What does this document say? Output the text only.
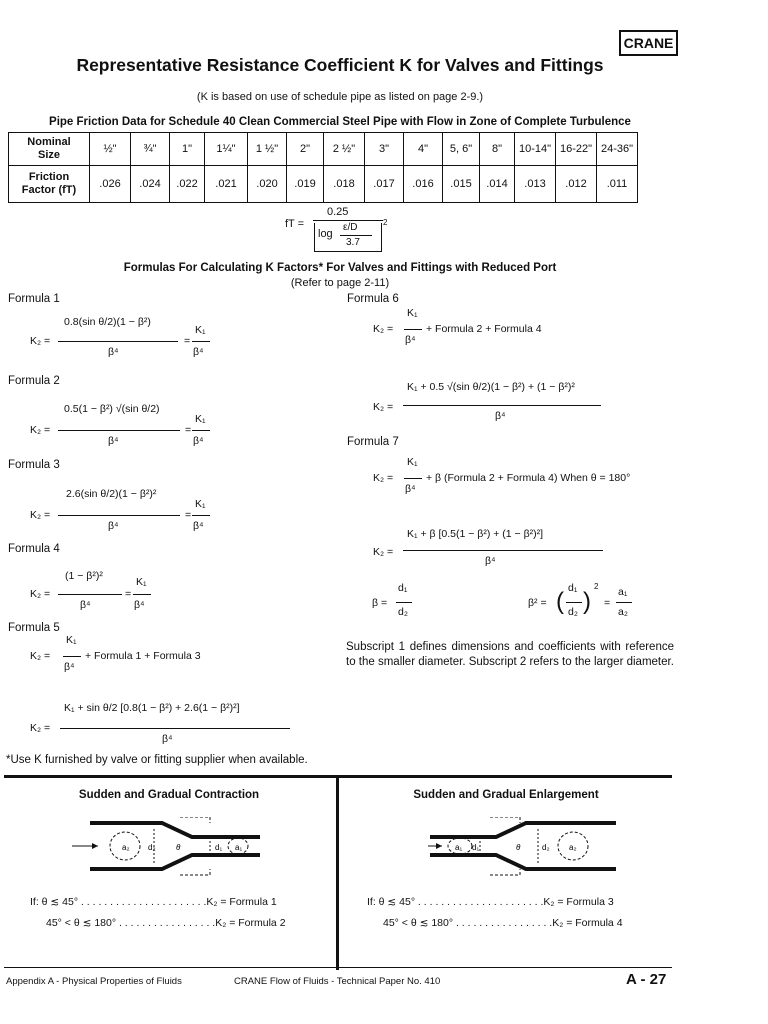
CRANE
Representative Resistance Coefficient K for Valves and Fittings
(K is based on use of schedule pipe as listed on page 2-9.)
Pipe Friction Data for Schedule 40 Clean Commercial Steel Pipe with Flow in Zone of Complete Turbulence
Nominal
Size	½"	¾"	1"	1¼"	1 ½"	2"	2 ½"	3"	4"	5, 6"	8"	10-14"	16-22"	24-36"
Friction
Factor (fT)	.026	.024	.022	.021	.020	.019	.018	.017	.016	.015	.014	.013	.012	.011
fT =
0.25
log
ε/D
3.7
2
Formulas For Calculating K Factors* For Valves and Fittings with Reduced Port
(Refer to page 2-11)
Formula 1
0.8(sin θ/2)(1 − β²)
K₂ =
β⁴
=
K₁
β⁴
Formula 2
0.5(1 − β²) √(sin θ/2)
K₂ =
β⁴
=
K₁
β⁴
Formula 3
2.6(sin θ/2)(1 − β²)²
K₂ =
β⁴
=
K₁
β⁴
Formula 4
(1 − β²)²
K₂ =
β⁴
=
K₁
β⁴
Formula 5
K₁
K₂ =
β⁴
+ Formula 1 + Formula 3
K₁ + sin θ/2 [0.8(1 − β²) + 2.6(1 − β²)²]
K₂ =
β⁴
Formula 6
K₁
K₂ =
β⁴
+ Formula 2 + Formula 4
K₁ + 0.5 √(sin θ/2)(1 − β²) + (1 − β²)²
K₂ =
β⁴
Formula 7
K₁
K₂ =
β⁴
+ β (Formula 2 + Formula 4) When θ = 180°
K₁ + β [0.5(1 − β²) + (1 − β²)²]
K₂ =
β⁴
β =
d₁
d₂
β² = ( d₁
d₂ )
2
=
a₁
a₂
Subscript 1 defines dimensions and coefficients with reference to the smaller diameter. Subscript 2 refers to the larger diameter.
*Use K furnished by valve or fitting supplier when available.
Sudden and Gradual Contraction
a₂ d₂	θ	d₁ a₁
If: θ ≲ 45° . . . . . . . . . . . . . . . . . . . . . .K₂ = Formula 1
45° < θ ≲ 180° . . . . . . . . . . . . . . . . .K₂ = Formula 2
Sudden and Gradual Enlargement
a₁ d₁	θ	d₂ a₂
If: θ ≲ 45° . . . . . . . . . . . . . . . . . . . . . .K₂ = Formula 3
45° < θ ≲ 180° . . . . . . . . . . . . . . . . .K₂ = Formula 4
Appendix A - Physical Properties of Fluids	CRANE Flow of Fluids - Technical Paper No. 410	A - 27
